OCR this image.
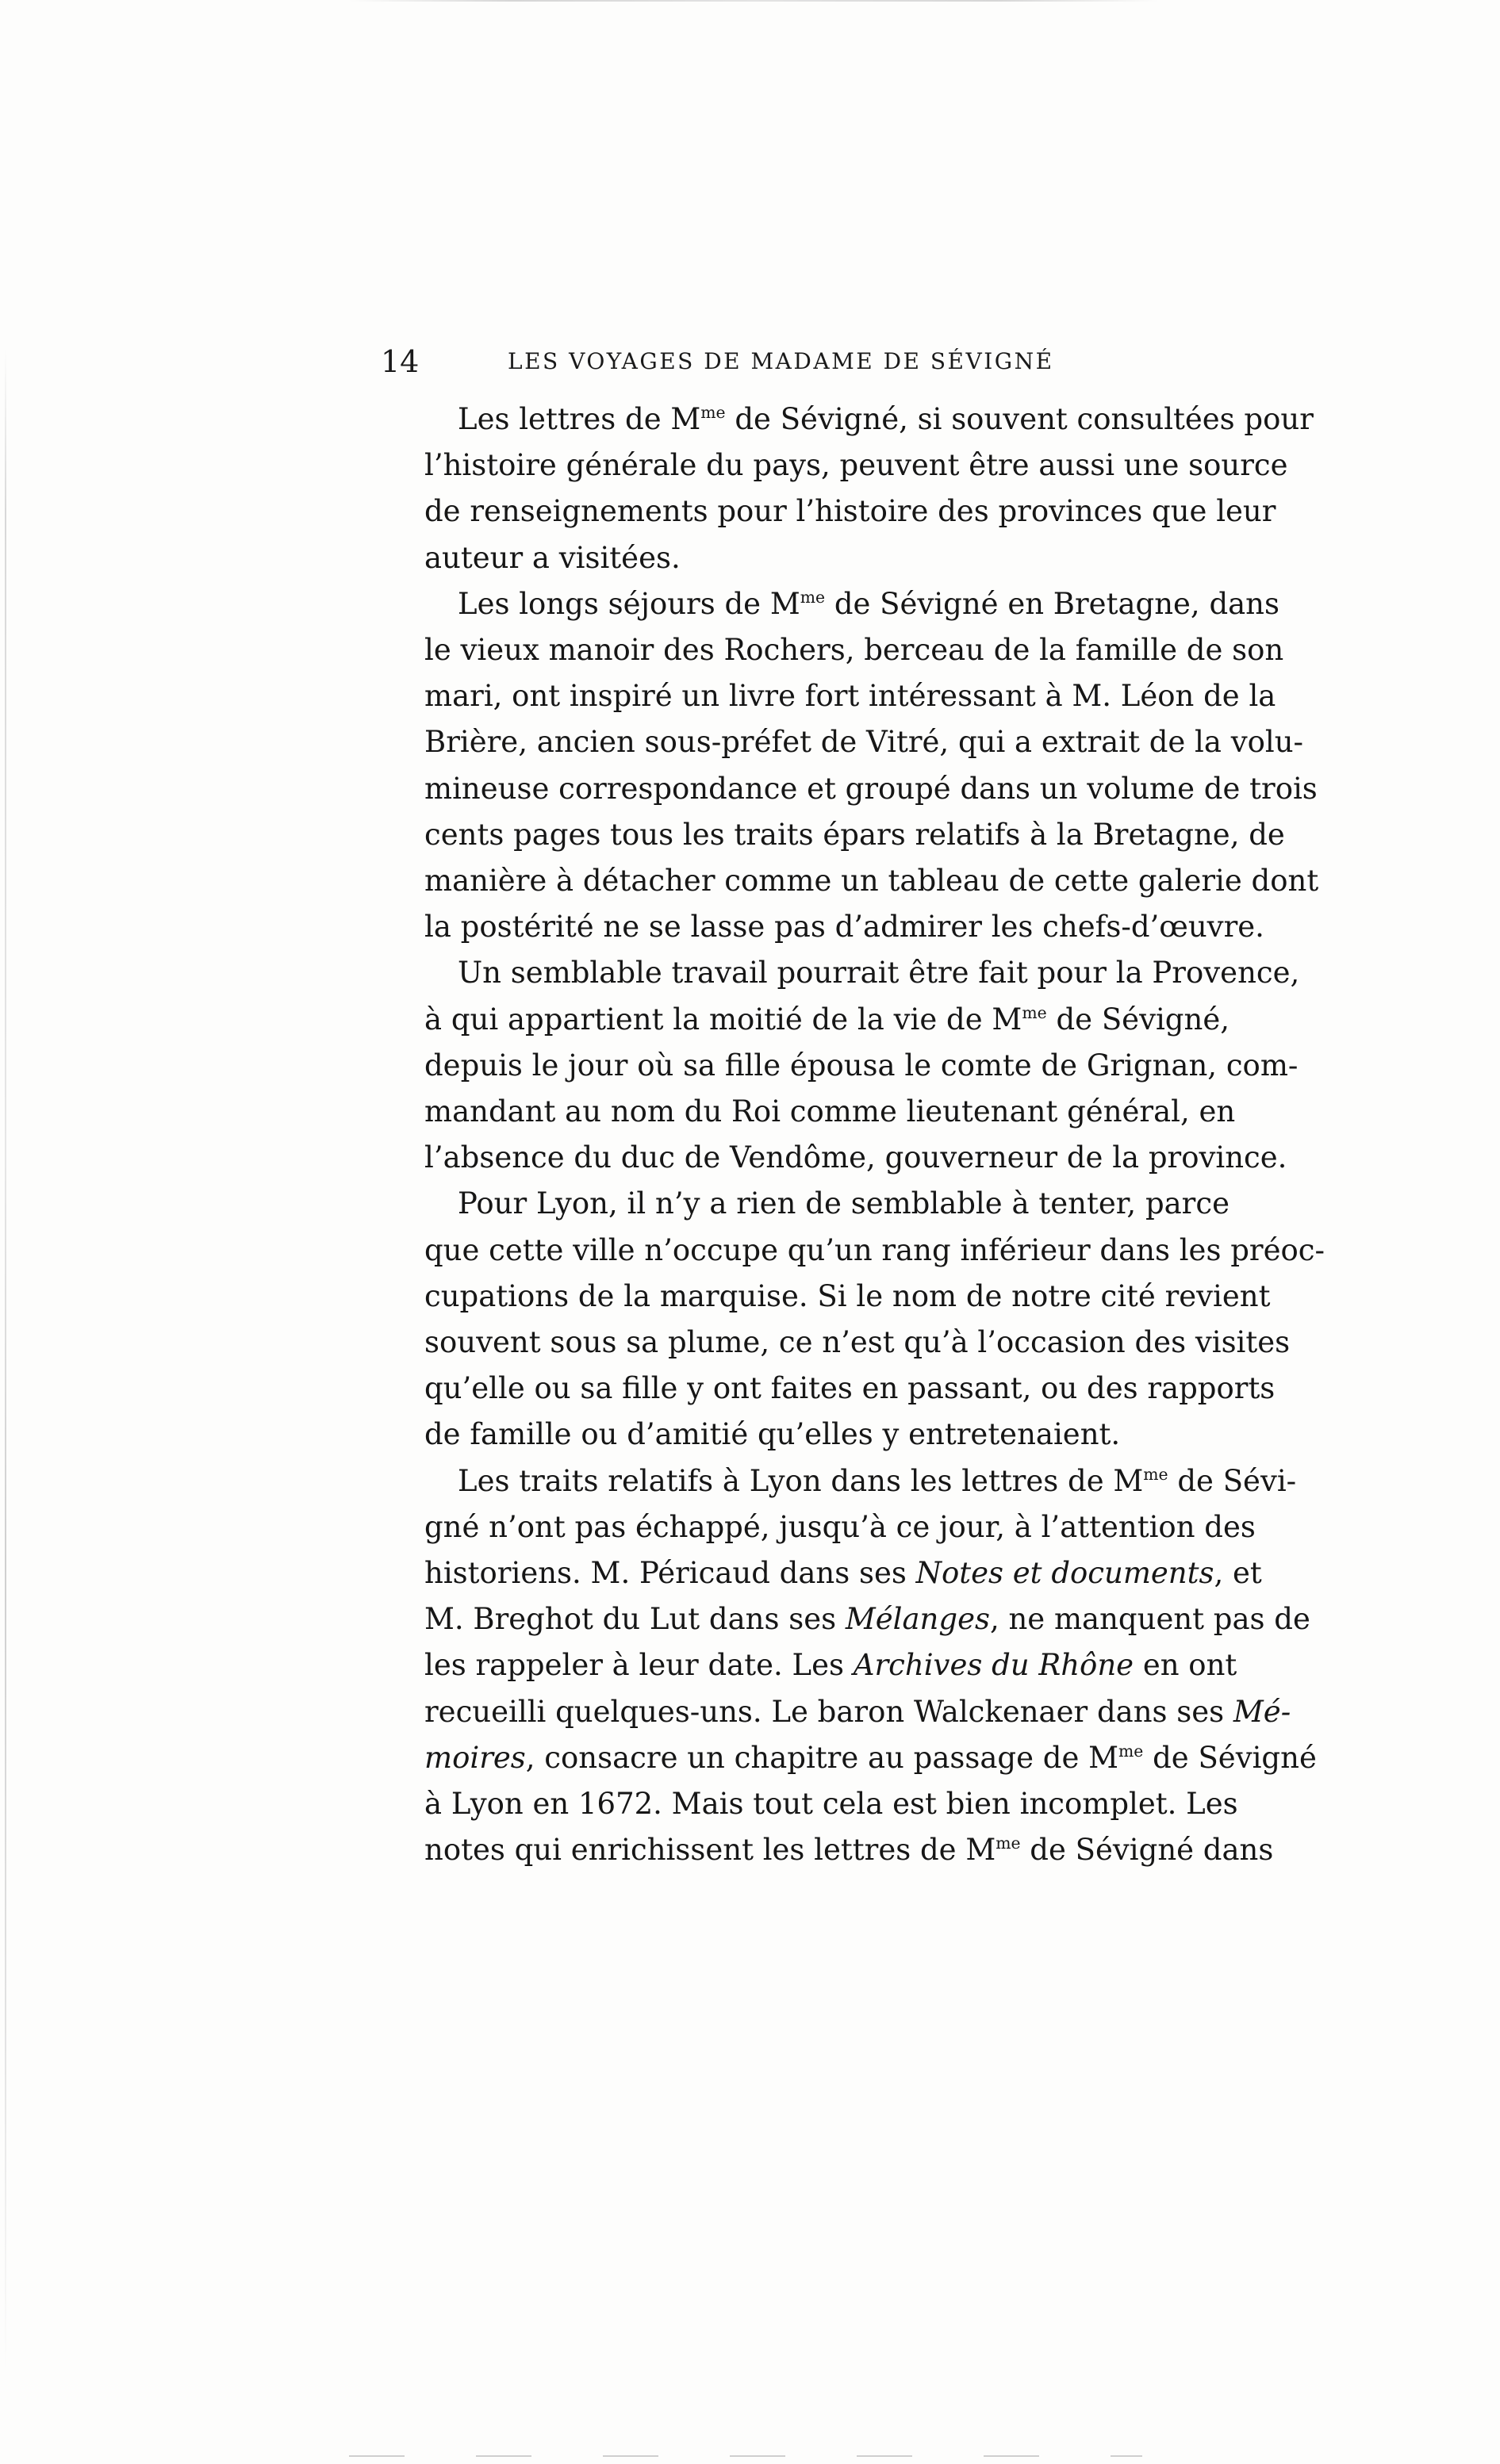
14	LES VOYAGES DE MADAME DE SÉVIGNÉ
Les lettres de $M^{me}$ de Sévigné, si souvent consultées pour
l’histoire générale du pays, peuvent être aussi une source
de renseignements pour l’histoire des provinces que leur
auteur a visitées.
Les longs séjours de $M^{me}$ de Sévigné en Bretagne, dans
le vieux manoir des Rochers, berceau de la famille de son
mari, ont inspiré un livre fort intéressant à M. Léon de la
Brière, ancien sous-préfet de Vitré, qui a extrait de la volu-
mineuse correspondance et groupé dans un volume de trois
cents pages tous les traits épars relatifs à la Bretagne, de
manière à détacher comme un tableau de cette galerie dont
la postérité ne se lasse pas d’admirer les chefs-d’œuvre.
Un semblable travail pourrait être fait pour la Provence,
à qui appartient la moitié de la vie de $M^{me}$ de Sévigné,
depuis le jour où sa fille épousa le comte de Grignan, com-
mandant au nom du Roi comme lieutenant général, en
l’absence du duc de Vendôme, gouverneur de la province.
Pour Lyon, il n’y a rien de semblable à tenter, parce
que cette ville n’occupe qu’un rang inférieur dans les préoc-
cupations de la marquise. Si le nom de notre cité revient
souvent sous sa plume, ce n’est qu’à l’occasion des visites
qu’elle ou sa fille y ont faites en passant, ou des rapports
de famille ou d’amitié qu’elles y entretenaient.
Les traits relatifs à Lyon dans les lettres de $M^{me}$ de Sévi-
gné n’ont pas échappé, jusqu’à ce jour, à l’attention des
historiens. M. Péricaud dans ses Notes et documents, et
M. Breghot du Lut dans ses Mélanges, ne manquent pas de
les rappeler à leur date. Les Archives du Rhône en ont
recueilli quelques-uns. Le baron Walckenaer dans ses Mé-
moires, consacre un chapitre au passage de $M^{me}$ de Sévigné
à Lyon en 1672. Mais tout cela est bien incomplet. Les
notes qui enrichissent les lettres de $M^{me}$ de Sévigné dans
